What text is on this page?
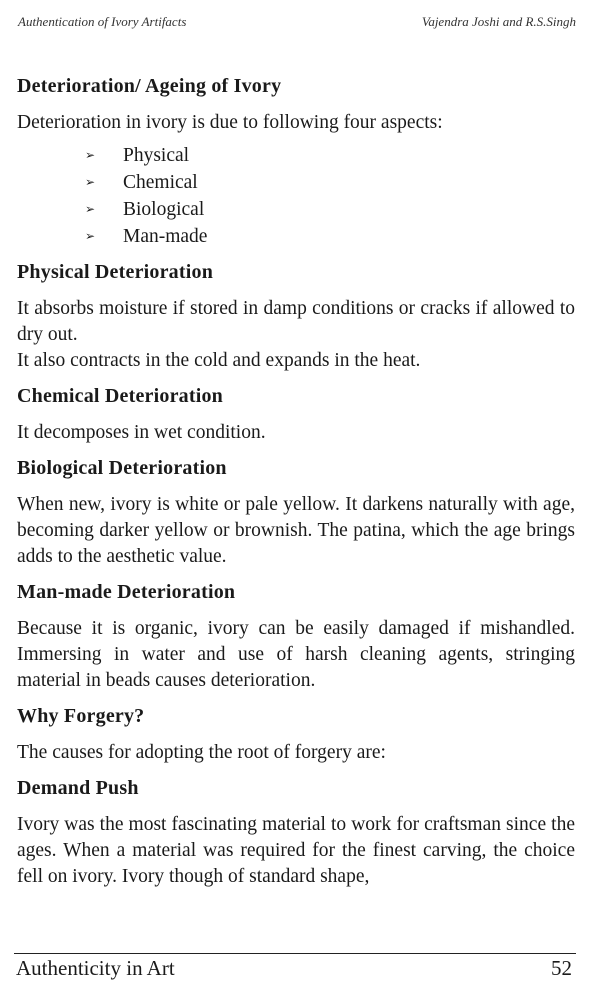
Authentication of Ivory Artifacts	Vajendra Joshi and R.S.Singh
Deterioration/ Ageing of Ivory

Deterioration in ivory is due to following four aspects:

➢ Physical
➢ Chemical
➢ Biological
➢ Man-made
Physical Deterioration

It absorbs moisture if stored in damp conditions or cracks if allowed to dry out.

It also contracts in the cold and expands in the heat.

Chemical Deterioration

It decomposes in wet condition.

Biological Deterioration

When new, ivory is white or pale yellow. It darkens naturally with age, becoming darker yellow or brownish. The patina, which the age brings adds to the aesthetic value.

Man-made Deterioration

Because it is organic, ivory can be easily damaged if mishandled. Immersing in water and use of harsh cleaning agents, stringing material in beads causes deterioration.

Why Forgery?

The causes for adopting the root of forgery are:

Demand Push

Ivory was the most fascinating material to work for craftsman since the ages. When a material was required for the finest carving, the choice fell on ivory. Ivory though of standard shape,

Authenticity in Art	52
